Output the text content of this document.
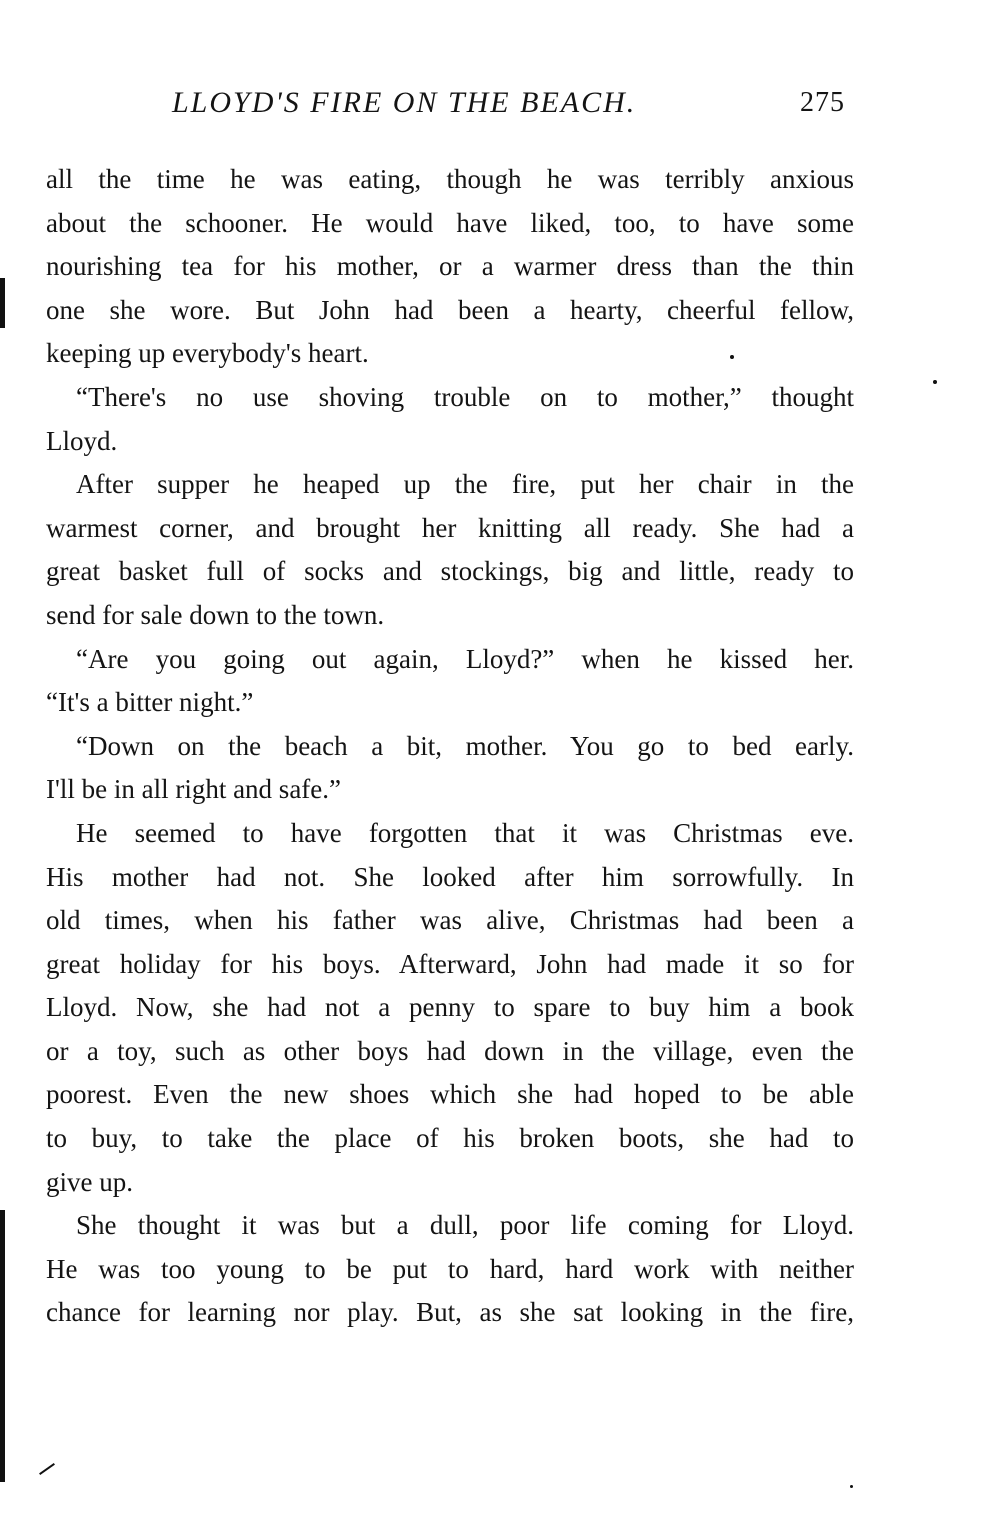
LLOYD'S FIRE ON THE BEACH.	275
all the time he was eating, though he was terribly anxious
about the schooner. He would have liked, too, to have some
nourishing tea for his mother, or a warmer dress than the thin
one she wore. But John had been a hearty, cheerful fellow,
keeping up everybody's heart.
“There's no use shoving trouble on to mother,” thought
Lloyd.
After supper he heaped up the fire, put her chair in the
warmest corner, and brought her knitting all ready. She had a
great basket full of socks and stockings, big and little, ready to
send for sale down to the town.
“Are you going out again, Lloyd?” when he kissed her.
“It's a bitter night.”
“Down on the beach a bit, mother. You go to bed early.
I'll be in all right and safe.”
He seemed to have forgotten that it was Christmas eve.
His mother had not. She looked after him sorrowfully. In
old times, when his father was alive, Christmas had been a
great holiday for his boys. Afterward, John had made it so for
Lloyd. Now, she had not a penny to spare to buy him a book
or a toy, such as other boys had down in the village, even the
poorest. Even the new shoes which she had hoped to be able
to buy, to take the place of his broken boots, she had to
give up.
She thought it was but a dull, poor life coming for Lloyd.
He was too young to be put to hard, hard work with neither
chance for learning nor play. But, as she sat looking in the fire,
